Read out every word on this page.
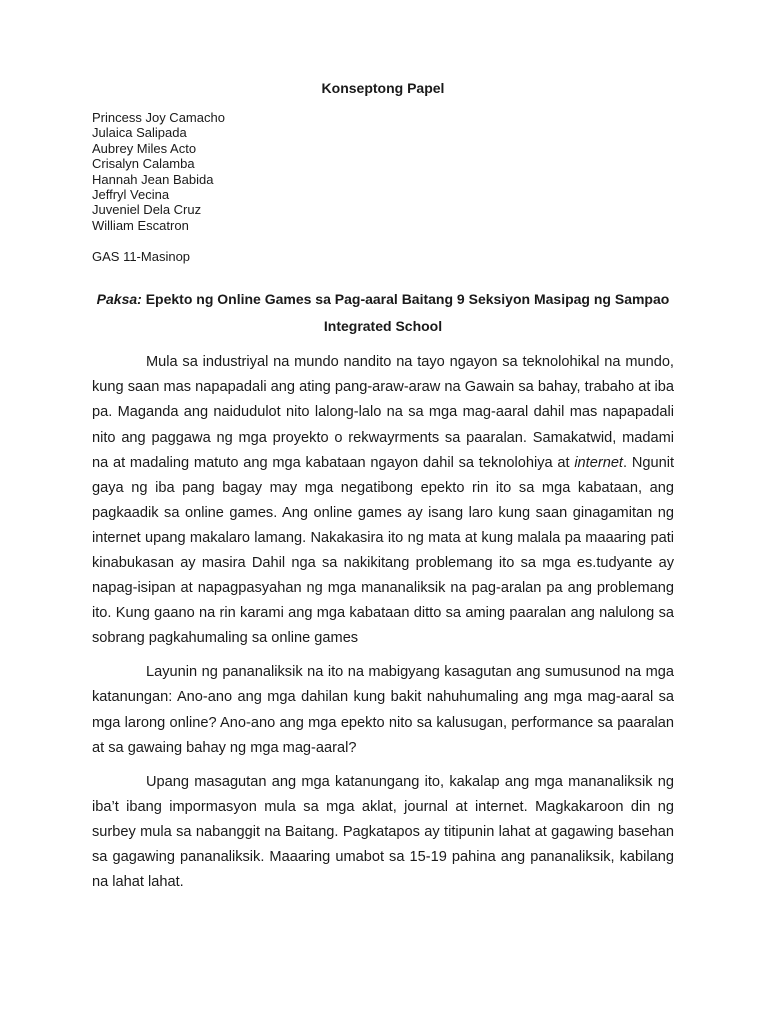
Konseptong Papel
Princess Joy Camacho
Julaica Salipada
Aubrey Miles Acto
Crisalyn Calamba
Hannah Jean Babida
Jeffryl Vecina
Juveniel Dela Cruz
William Escatron
GAS 11-Masinop
Paksa: Epekto ng Online Games sa Pag-aaral Baitang 9 Seksiyon Masipag ng Sampao Integrated School

Mula sa industriyal na mundo nandito na tayo ngayon sa teknolohikal na mundo, kung saan mas napapadali ang ating pang-araw-araw na Gawain sa bahay, trabaho at iba pa. Maganda ang naidudulot nito lalong-lalo na sa mga mag-aaral dahil mas napapadali nito ang paggawa ng mga proyekto o rekwayrments sa paaralan. Samakatwid, madami na at madaling matuto ang mga kabataan ngayon dahil sa teknolohiya at internet. Ngunit gaya ng iba pang bagay may mga negatibong epekto rin ito sa mga kabataan, ang pagkaadik sa online games. Ang online games ay isang laro kung saan ginagamitan ng internet upang makalaro lamang. Nakakasira ito ng mata at kung malala pa maaaring pati kinabukasan ay masira Dahil nga sa nakikitang problemang ito sa mga es.tudyante ay napag-isipan at napagpasyahan ng mga mananaliksik na pag-aralan pa ang problemang ito. Kung gaano na rin karami ang mga kabataan ditto sa aming paaralan ang nalulong sa sobrang pagkahumaling sa online games

Layunin ng pananaliksik na ito na mabigyang kasagutan ang sumusunod na mga katanungan: Ano-ano ang mga dahilan kung bakit nahuhumaling ang mga mag-aaral sa mga larong online? Ano-ano ang mga epekto nito sa kalusugan, performance sa paaralan at sa gawaing bahay ng mga mag-aaral?

Upang masagutan ang mga katanungang ito, kakalap ang mga mananaliksik ng iba’t ibang impormasyon mula sa mga aklat, journal at internet. Magkakaroon din ng surbey mula sa nabanggit na Baitang. Pagkatapos ay titipunin lahat at gagawing basehan sa gagawing pananaliksik. Maaaring umabot sa 15-19 pahina ang pananaliksik, kabilang na lahat lahat.
